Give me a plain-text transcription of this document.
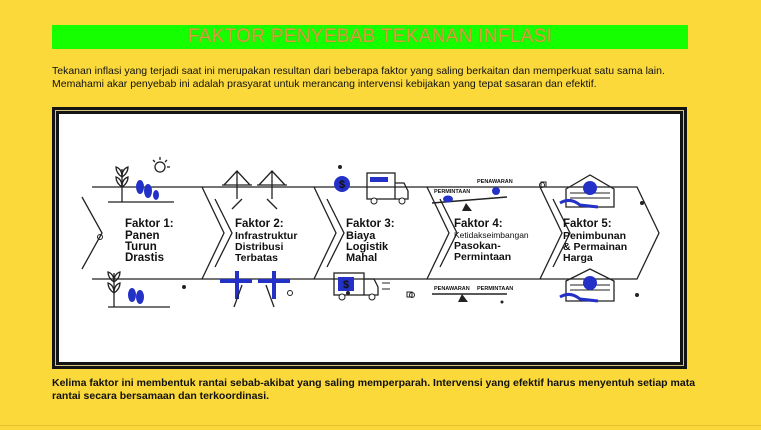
FAKTOR PENYEBAB TEKANAN INFLASI

Tekanan inflasi yang terjadi saat ini merupakan resultan dari beberapa faktor yang saling berkaitan dan memperkuat satu sama lain. Memahami akar penyebab ini adalah prasyarat untuk merancang intervensi kebijakan yang tepat sasaran dan efektif.

$
$
PERMINTAAN
PENAWARAN
PENAWARAN PERMINTAAN
Faktor 1:
Panen
Turun
Drastis
Faktor 2:
Infrastruktur
Distribusi
Terbatas
Faktor 3:
Biaya
Logistik
Mahal
Faktor 4:
Ketidakseimbangan
Pasokan-
Permintaan
Faktor 5:
Penimbunan
& Permainan
Harga

Kelima faktor ini membentuk rantai sebab-akibat yang saling memperparah. Intervensi yang efektif harus menyentuh setiap mata rantai secara bersamaan dan terkoordinasi.
